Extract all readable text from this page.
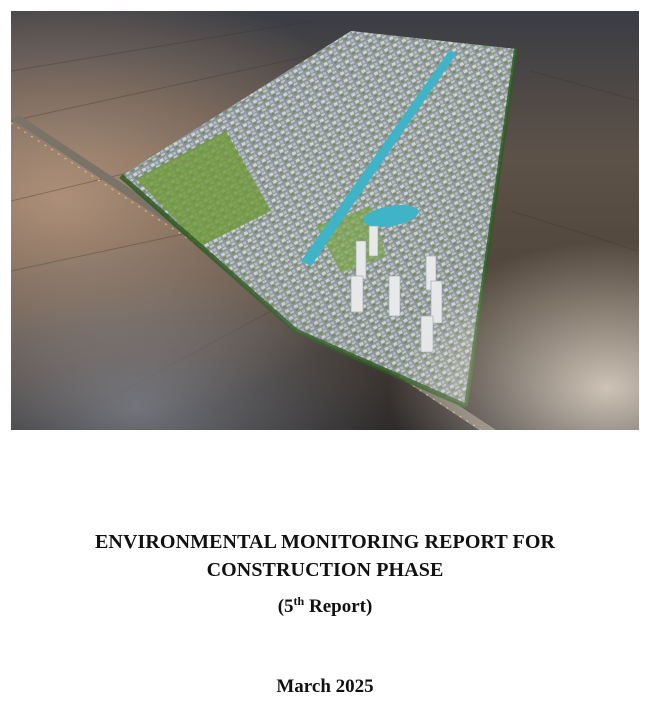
ENVIRONMENTAL MONITORING REPORT FOR
CONSTRUCTION PHASE
(5th Report)
March 2025
